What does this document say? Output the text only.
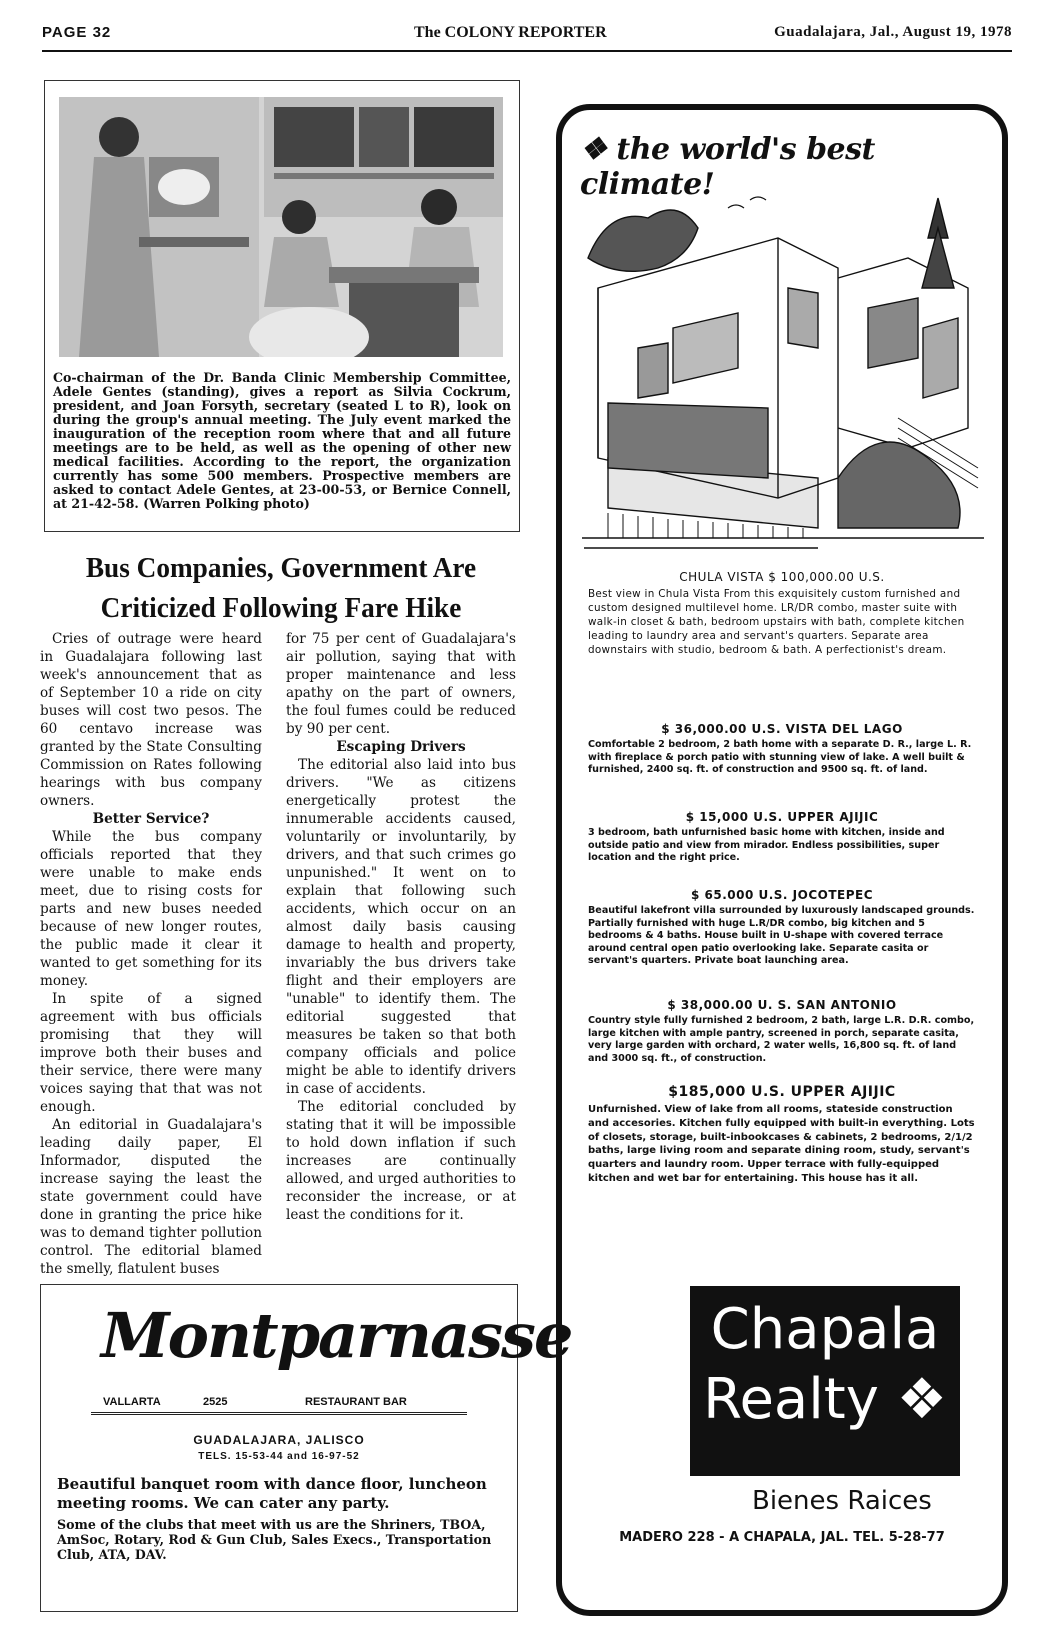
PAGE 32	The COLONY REPORTER	Guadalajara, Jal., August 19, 1978
Co-chairman of the Dr. Banda Clinic Membership Committee, Adele Gentes (standing), gives a report as Silvia Cockrum, president, and Joan Forsyth, secretary (seated L to R), look on during the group's annual meeting. The July event marked the inauguration of the reception room where that and all future meetings are to be held, as well as the opening of other new medical facilities. According to the report, the organization currently has some 500 members. Prospective members are asked to contact Adele Gentes, at 23-00-53, or Bernice Connell, at 21-42-58. (Warren Polking photo)
Bus Companies, Government Are
Criticized Following Fare Hike

Cries of outrage were heard in Guadalajara following last week's announcement that as of September 10 a ride on city buses will cost two pesos. The 60 centavo increase was granted by the State Consulting Commission on Rates following hearings with bus company owners.

Better Service?

While the bus company officials reported that they were unable to make ends meet, due to rising costs for parts and new buses needed because of new longer routes, the public made it clear it wanted to get something for its money.

In spite of a signed agreement with bus officials promising that they will improve both their buses and their service, there were many voices saying that that was not enough.

An editorial in Guadalajara's leading daily paper, El Informador, disputed the increase saying the least the state government could have done in granting the price hike was to demand tighter pollution control. The editorial blamed the smelly, flatulent buses

for 75 per cent of Guadalajara's air pollution, saying that with proper maintenance and less apathy on the part of owners, the foul fumes could be reduced by 90 per cent.

Escaping Drivers

The editorial also laid into bus drivers. "We as citizens energetically protest the innumerable accidents caused, voluntarily or involuntarily, by drivers, and that such crimes go unpunished." It went on to explain that following such accidents, which occur on an almost daily basis causing damage to health and property, invariably the bus drivers take flight and their employers are "unable" to identify them. The editorial suggested that measures be taken so that both company officials and police might be able to identify drivers in case of accidents.

The editorial concluded by stating that it will be impossible to hold down inflation if such increases are continually allowed, and urged authorities to reconsider the increase, or at least the conditions for it.

Montparnasse
VALLARTA	2525	RESTAURANT BAR
GUADALAJARA, JALISCO
TELS. 15-53-44 and 16-97-52
Beautiful banquet room with dance floor, luncheon meeting rooms. We can cater any party.
Some of the clubs that meet with us are the Shriners, TBOA, AmSoc, Rotary, Rod & Gun Club, Sales Execs., Transportation Club, ATA, DAV.
❖ the world's best climate!
CHULA VISTA $ 100,000.00 U.S.
Best view in Chula Vista From this exquisitely custom furnished and custom designed multilevel home. LR/DR combo, master suite with walk-in closet & bath, bedroom upstairs with bath, complete kitchen leading to laundry area and servant's quarters. Separate area downstairs with studio, bedroom & bath. A perfectionist's dream.
$ 36,000.00 U.S. VISTA DEL LAGO
Comfortable 2 bedroom, 2 bath home with a separate D. R., large L. R. with fireplace & porch patio with stunning view of lake. A well built & furnished, 2400 sq. ft. of construction and 9500 sq. ft. of land.
$ 15,000 U.S. UPPER AJIJIC
3 bedroom, bath unfurnished basic home with kitchen, inside and outside patio and view from mirador. Endless possibilities, super location and the right price.
$ 65.000 U.S. JOCOTEPEC
Beautiful lakefront villa surrounded by luxurously landscaped grounds. Partially furnished with huge L.R/DR combo, big kitchen and 5 bedrooms & 4 baths. House built in U-shape with covered terrace around central open patio overlooking lake. Separate casita or servant's quarters. Private boat launching area.
$ 38,000.00 U. S. SAN ANTONIO
Country style fully furnished 2 bedroom, 2 bath, large L.R. D.R. combo, large kitchen with ample pantry, screened in porch, separate casita, very large garden with orchard, 2 water wells, 16,800 sq. ft. of land and 3000 sq. ft., of construction.
$185,000 U.S. UPPER AJIJIC
Unfurnished. View of lake from all rooms, stateside construction and accesories. Kitchen fully equipped with built-in everything. Lots of closets, storage, built-inbookcases & cabinets, 2 bedrooms, 2/1/2 baths, large living room and separate dining room, study, servant's quarters and laundry room. Upper terrace with fully-equipped kitchen and wet bar for entertaining. This house has it all.
Chapala
Realty ❖
Bienes Raices
MADERO 228 - A CHAPALA, JAL. TEL. 5-28-77
